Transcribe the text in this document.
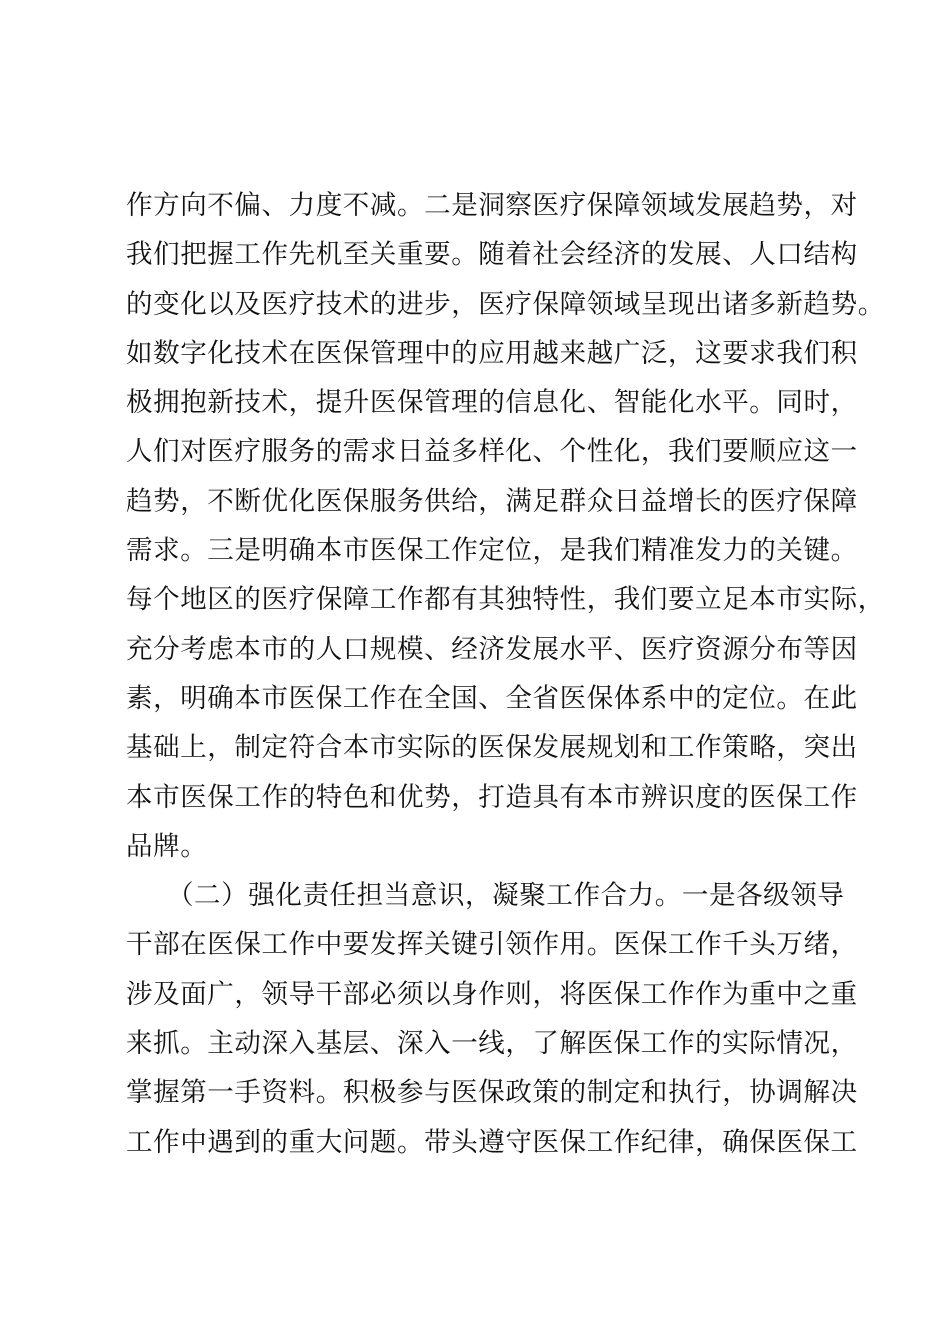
作方向不偏、力度不减。二是洞察医疗保障领域发展趋势，对
我们把握工作先机至关重要。随着社会经济的发展、人口结构
的变化以及医疗技术的进步，医疗保障领域呈现出诸多新趋势。
如数字化技术在医保管理中的应用越来越广泛，这要求我们积
极拥抱新技术，提升医保管理的信息化、智能化水平。同时，
人们对医疗服务的需求日益多样化、个性化，我们要顺应这一
趋势，不断优化医保服务供给，满足群众日益增长的医疗保障
需求。三是明确本市医保工作定位，是我们精准发力的关键。
每个地区的医疗保障工作都有其独特性，我们要立足本市实际，
充分考虑本市的人口规模、经济发展水平、医疗资源分布等因
素，明确本市医保工作在全国、全省医保体系中的定位。在此
基础上，制定符合本市实际的医保发展规划和工作策略，突出
本市医保工作的特色和优势，打造具有本市辨识度的医保工作
品牌。
　　（二）强化责任担当意识，凝聚工作合力。一是各级领导
干部在医保工作中要发挥关键引领作用。医保工作千头万绪，
涉及面广，领导干部必须以身作则，将医保工作作为重中之重
来抓。主动深入基层、深入一线，了解医保工作的实际情况，
掌握第一手资料。积极参与医保政策的制定和执行，协调解决
工作中遇到的重大问题。带头遵守医保工作纪律，确保医保工
